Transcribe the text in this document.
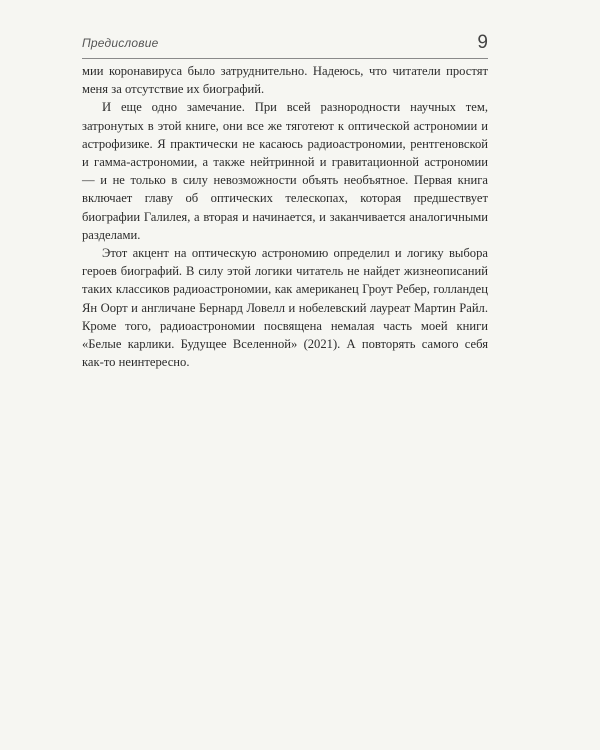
Предисловие	9

мии коронавируса было затруднительно. Надеюсь, что читатели простят меня за отсутствие их биографий.

И еще одно замечание. При всей разнородности научных тем, затронутых в этой книге, они все же тяготеют к оптической астрономии и астрофизике. Я практически не касаюсь радиоастрономии, рентгеновской и гамма-астрономии, а также нейтринной и гравитационной астрономии — и не только в силу невозможности объять необъятное. Первая книга включает главу об оптических телескопах, которая предшествует биографии Галилея, а вторая и начинается, и заканчивается аналогичными разделами.

Этот акцент на оптическую астрономию определил и логику выбора героев биографий. В силу этой логики читатель не найдет жизнеописаний таких классиков радиоастрономии, как американец Гроут Ребер, голландец Ян Оорт и англичане Бернард Ловелл и нобелевский лауреат Мартин Райл. Кроме того, радиоастрономии посвящена немалая часть моей книги «Белые карлики. Будущее Вселенной» (2021). А повторять самого себя как-то неинтересно.
